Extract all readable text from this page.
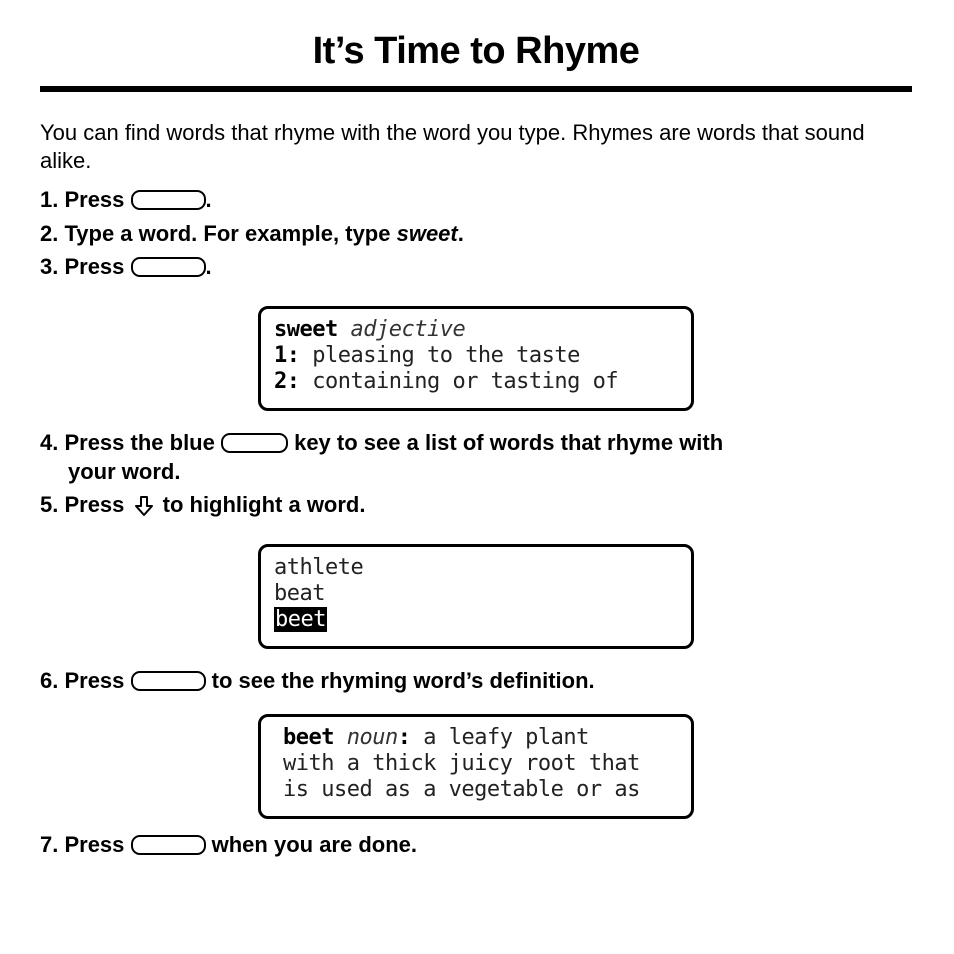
It’s Time to Rhyme
You can find words that rhyme with the word you type. Rhymes are words that sound alike.
1. Press	.
2. Type a word. For example, type sweet.
3. Press	.
sweet adjective
1: pleasing to the taste
2: containing or tasting of
4. Press the blue	key to see a list of words that rhyme with
your word.
5. Press  to highlight a word.
athlete
beat
beet
6. Press	to see the rhyming word’s definition.
beet noun: a leafy plant
with a thick juicy root that
is used as a vegetable or as
7. Press	when you are done.
